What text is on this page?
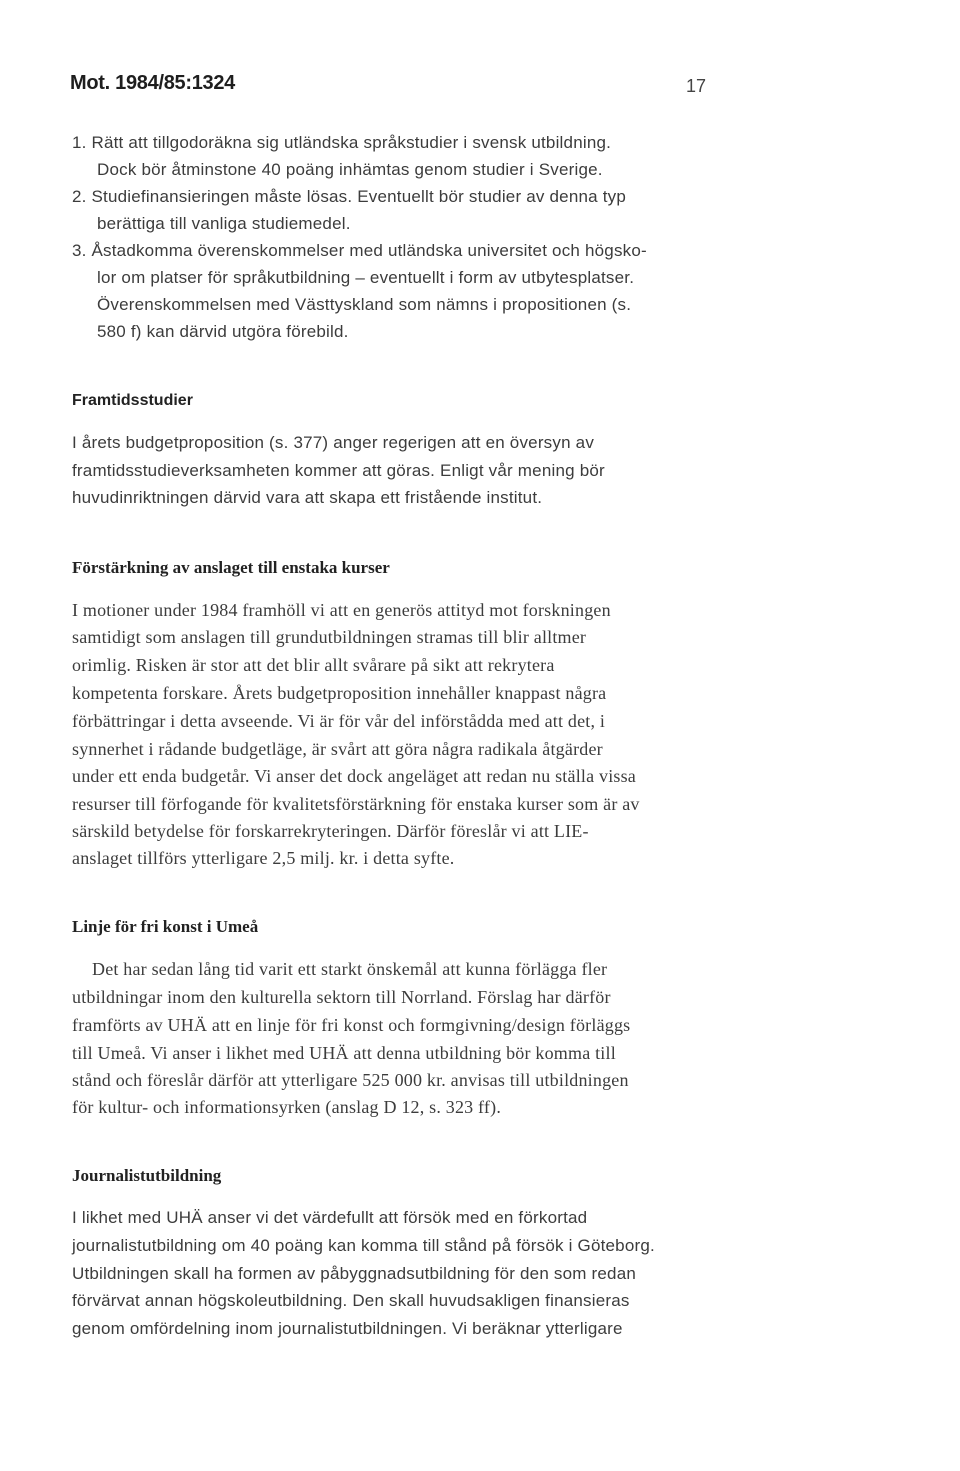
Mot. 1984/85:1324	17
1. Rätt att tillgodoräkna sig utländska språkstudier i svensk utbildning.
Dock bör åtminstone 40 poäng inhämtas genom studier i Sverige.
2. Studiefinansieringen måste lösas. Eventuellt bör studier av denna typ
berättiga till vanliga studiemedel.
3. Åstadkomma överenskommelser med utländska universitet och högsko-
lor om platser för språkutbildning – eventuellt i form av utbytesplatser.
Överenskommelsen med Västtyskland som nämns i propositionen (s.
580 f) kan därvid utgöra förebild.
Framtidsstudier
I årets budgetproposition (s. 377) anger regerigen att en översyn av
framtidsstudieverksamheten kommer att göras. Enligt vår mening bör
huvudinriktningen därvid vara att skapa ett fristående institut.
Förstärkning av anslaget till enstaka kurser
I motioner under 1984 framhöll vi att en generös attityd mot forskningen
samtidigt som anslagen till grundutbildningen stramas till blir alltmer
orimlig. Risken är stor att det blir allt svårare på sikt att rekrytera
kompetenta forskare. Årets budgetproposition innehåller knappast några
förbättringar i detta avseende. Vi är för vår del införstådda med att det, i
synnerhet i rådande budgetläge, är svårt att göra några radikala åtgärder
under ett enda budgetår. Vi anser det dock angeläget att redan nu ställa vissa
resurser till förfogande för kvalitetsförstärkning för enstaka kurser som är av
särskild betydelse för forskarrekryteringen. Därför föreslår vi att LIE-
anslaget tillförs ytterligare 2,5 milj. kr. i detta syfte.
Linje för fri konst i Umeå
Det har sedan lång tid varit ett starkt önskemål att kunna förlägga fler
utbildningar inom den kulturella sektorn till Norrland. Förslag har därför
framförts av UHÄ att en linje för fri konst och formgivning/design förläggs
till Umeå. Vi anser i likhet med UHÄ att denna utbildning bör komma till
stånd och föreslår därför att ytterligare 525 000 kr. anvisas till utbildningen
för kultur- och informationsyrken (anslag D 12, s. 323 ff).
Journalistutbildning
I likhet med UHÄ anser vi det värdefullt att försök med en förkortad
journalistutbildning om 40 poäng kan komma till stånd på försök i Göteborg.
Utbildningen skall ha formen av påbyggnadsutbildning för den som redan
förvärvat annan högskoleutbildning. Den skall huvudsakligen finansieras
genom omfördelning inom journalistutbildningen. Vi beräknar ytterligare
